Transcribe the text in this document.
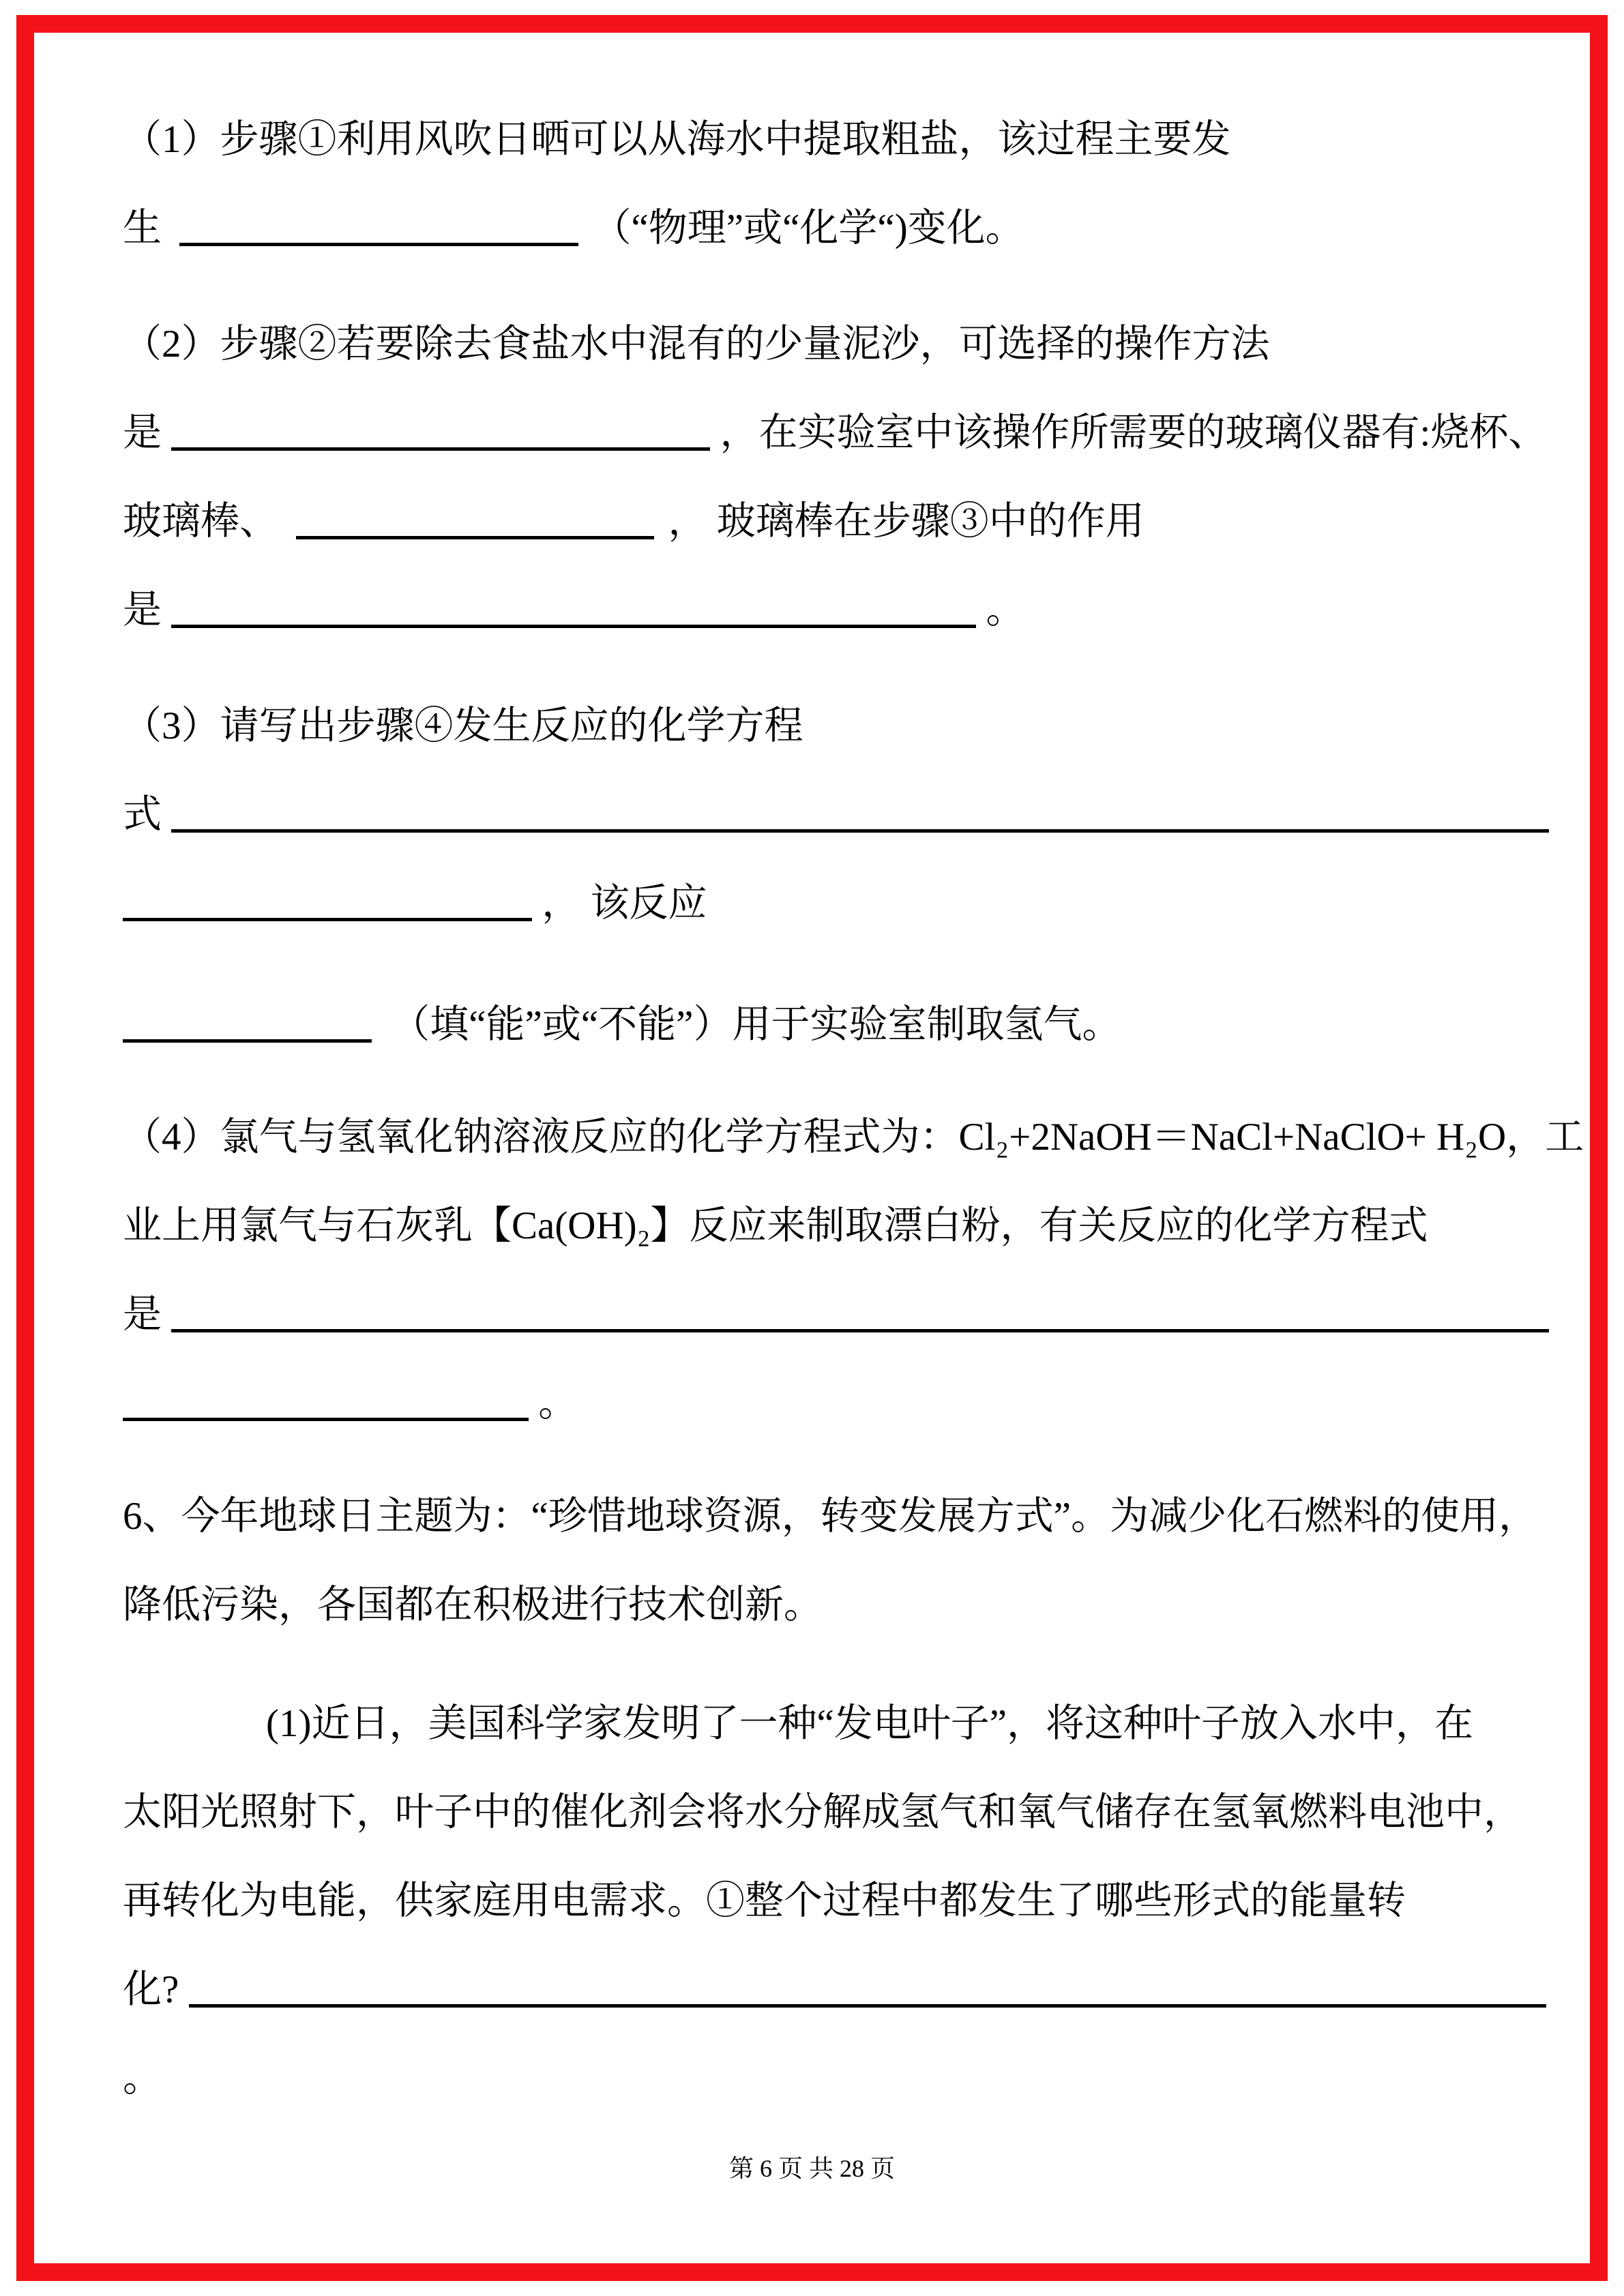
（1）步骤①利用风吹日晒可以从海水中提取粗盐，该过程主要发
生	（“物理”或“化学“)变化。
（2）步骤②若要除去食盐水中混有的少量泥沙，可选择的操作方法
是	，在实验室中该操作所需要的玻璃仪器有:烧杯、
玻璃棒、	， 玻璃棒在步骤③中的作用
是	。
（3）请写出步骤④发生反应的化学方程
式
， 该反应
（填“能”或“不能”）用于实验室制取氢气。
（4）氯气与氢氧化钠溶液反应的化学方程式为：Cl₂+2NaOH＝NaCl+NaClO+ H₂O，工
业上用氯气与石灰乳【Ca(OH)₂】反应来制取漂白粉，有关反应的化学方程式
是
。
6、今年地球日主题为：“珍惜地球资源，转变发展方式”。为减少化石燃料的使用，
降低污染，各国都在积极进行技术创新。
(1)近日，美国科学家发明了一种“发电叶子”，将这种叶子放入水中，在
太阳光照射下，叶子中的催化剂会将水分解成氢气和氧气储存在氢氧燃料电池中，
再转化为电能，供家庭用电需求。①整个过程中都发生了哪些形式的能量转
化?
。
第 6 页 共 28 页
